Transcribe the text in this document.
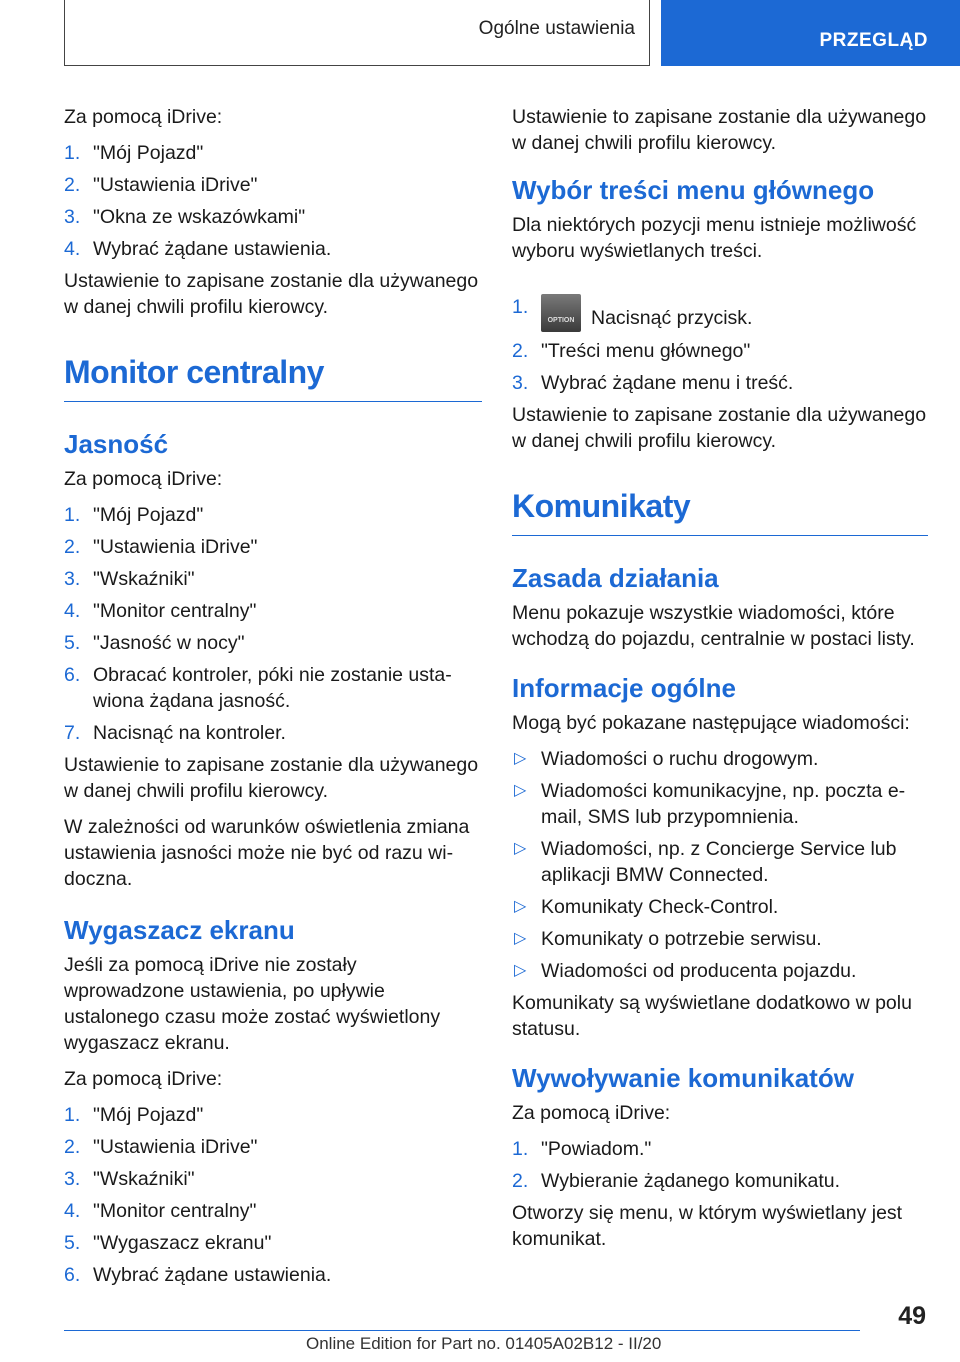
Ogólne ustawienia
PRZEGLĄD

Za pomocą iDrive:

1. "Mój Pojazd"
2. "Ustawienia iDrive"
3. "Okna ze wskazówkami"
4. Wybrać żądane ustawienia.

Ustawienie to zapisane zostanie dla używanego w danej chwili profilu kierowcy.

Monitor centralny
Jasność

Za pomocą iDrive:

1. "Mój Pojazd"
2. "Ustawienia iDrive"
3. "Wskaźniki"
4. "Monitor centralny"
5. "Jasność w nocy"
6. Obracać kontroler, póki nie zostanie ustawiona żądana jasność.
7. Nacisnąć na kontroler.

Ustawienie to zapisane zostanie dla używanego w danej chwili profilu kierowcy.

W zależności od warunków oświetlenia zmiana ustawienia jasności może nie być od razu widoczna.

Wygaszacz ekranu

Jeśli za pomocą iDrive nie zostały wprowadzone ustawienia, po upływie ustalonego czasu może zostać wyświetlony wygaszacz ekranu.

Za pomocą iDrive:

1. "Mój Pojazd"
2. "Ustawienia iDrive"
3. "Wskaźniki"
4. "Monitor centralny"
5. "Wygaszacz ekranu"
6. Wybrać żądane ustawienia.

Ustawienie to zapisane zostanie dla używanego w danej chwili profilu kierowcy.

Wybór treści menu głównego

Dla niektórych pozycji menu istnieje możliwość wyboru wyświetlanych treści.

1.
OPTION Nacisnąć przycisk.
2. "Treści menu głównego"
3. Wybrać żądane menu i treść.

Ustawienie to zapisane zostanie dla używanego w danej chwili profilu kierowcy.

Komunikaty
Zasada działania

Menu pokazuje wszystkie wiadomości, które wchodzą do pojazdu, centralnie w postaci listy.

Informacje ogólne

Mogą być pokazane następujące wiadomości:

▷ Wiadomości o ruchu drogowym.
▷ Wiadomości komunikacyjne, np. poczta e-mail, SMS lub przypomnienia.
▷ Wiadomości, np. z Concierge Service lub aplikacji BMW Connected.
▷ Komunikaty Check-Control.
▷ Komunikaty o potrzebie serwisu.
▷ Wiadomości od producenta pojazdu.

Komunikaty są wyświetlane dodatkowo w polu statusu.

Wywoływanie komunikatów

Za pomocą iDrive:

1. "Powiadom."
2. Wybieranie żądanego komunikatu.

Otworzy się menu, w którym wyświetlany jest komunikat.

49
Online Edition for Part no. 01405A02B12 - II/20
